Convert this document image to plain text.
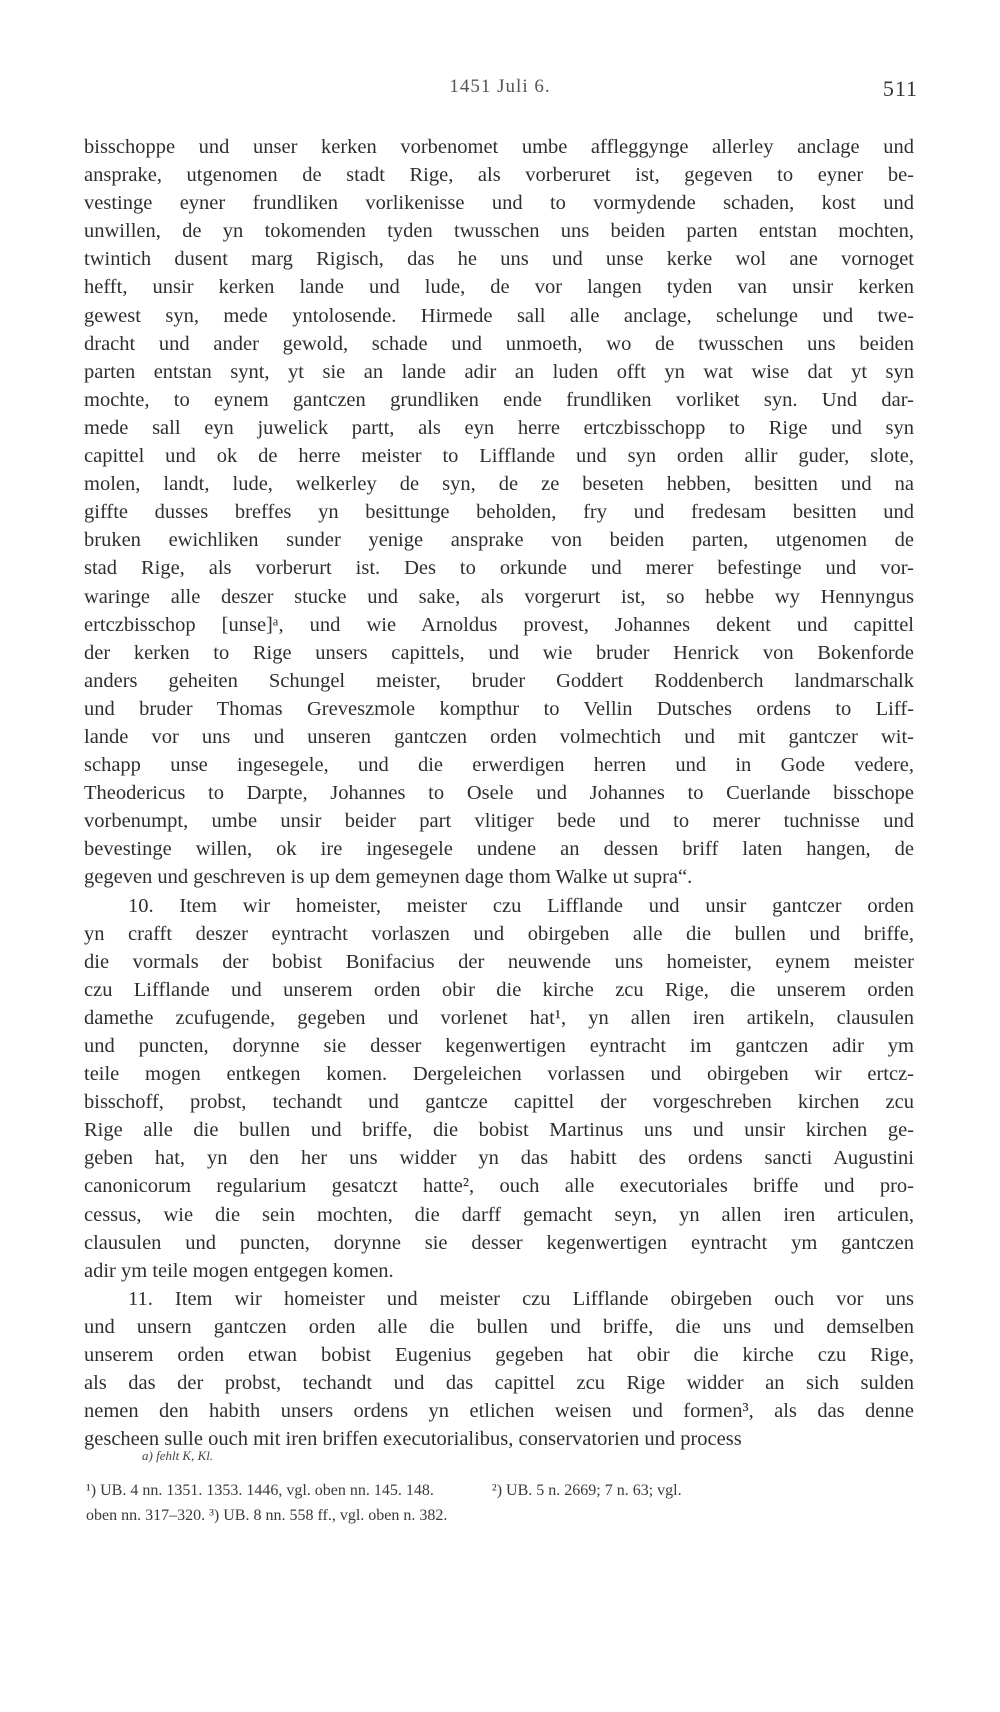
1451 Juli 6.	511
bisschoppe und unser kerken vorbenomet umbe affleggynge allerley anclage und
ansprake, utgenomen de stadt Rige, als vorberuret ist, gegeven to eyner be-
vestinge eyner frundliken vorlikenisse und to vormydende schaden, kost und
unwillen, de yn tokomenden tyden twusschen uns beiden parten entstan mochten,
twintich dusent marg Rigisch, das he uns und unse kerke wol ane vornoget
hefft, unsir kerken lande und lude, de vor langen tyden van unsir kerken
gewest syn, mede yntolosende. Hirmede sall alle anclage, schelunge und twe-
dracht und ander gewold, schade und unmoeth, wo de twusschen uns beiden
parten entstan synt, yt sie an lande adir an luden offt yn wat wise dat yt syn
mochte, to eynem gantczen grundliken ende frundliken vorliket syn. Und dar-
mede sall eyn juwelick partt, als eyn herre ertczbisschopp to Rige und syn
capittel und ok de herre meister to Lifflande und syn orden allir guder, slote,
molen, landt, lude, welkerley de syn, de ze beseten hebben, besitten und na
giffte dusses breffes yn besittunge beholden, fry und fredesam besitten und
bruken ewichliken sunder yenige ansprake von beiden parten, utgenomen de
stad Rige, als vorberurt ist. Des to orkunde und merer befestinge und vor-
waringe alle deszer stucke und sake, als vorgerurt ist, so hebbe wy Hennyngus
ertczbisschop [unse]ᵃ, und wie Arnoldus provest, Johannes dekent und capittel
der kerken to Rige unsers capittels, und wie bruder Henrick von Bokenforde
anders geheiten Schungel meister, bruder Goddert Roddenberch landmarschalk
und bruder Thomas Greveszmole kompthur to Vellin Dutsches ordens to Liff-
lande vor uns und unseren gantczen orden volmechtich und mit gantczer wit-
schapp unse ingesegele, und die erwerdigen herren und in Gode vedere,
Theodericus to Darpte, Johannes to Osele und Johannes to Cuerlande bisschope
vorbenumpt, umbe unsir beider part vlitiger bede und to merer tuchnisse und
bevestinge willen, ok ire ingesegele undene an dessen briff laten hangen, de
gegeven und geschreven is up dem gemeynen dage thom Walke ut supra“.
10. Item wir homeister, meister czu Lifflande und unsir gantczer orden
yn crafft deszer eyntracht vorlaszen und obirgeben alle die bullen und briffe,
die vormals der bobist Bonifacius der neuwende uns homeister, eynem meister
czu Lifflande und unserem orden obir die kirche zcu Rige, die unserem orden
damethe zcufugende, gegeben und vorlenet hat¹, yn allen iren artikeln, clausulen
und puncten, dorynne sie desser kegenwertigen eyntracht im gantczen adir ym
teile mogen entkegen komen. Dergeleichen vorlassen und obirgeben wir ertcz-
bisschoff, probst, techandt und gantcze capittel der vorgeschreben kirchen zcu
Rige alle die bullen und briffe, die bobist Martinus uns und unsir kirchen ge-
geben hat, yn den her uns widder yn das habitt des ordens sancti Augustini
canonicorum regularium gesatczt hatte², ouch alle executoriales briffe und pro-
cessus, wie die sein mochten, die darff gemacht seyn, yn allen iren articulen,
clausulen und puncten, dorynne sie desser kegenwertigen eyntracht ym gantczen
adir ym teile mogen entgegen komen.
11. Item wir homeister und meister czu Lifflande obirgeben ouch vor uns
und unsern gantczen orden alle die bullen und briffe, die uns und demselben
unserem orden etwan bobist Eugenius gegeben hat obir die kirche czu Rige,
als das der probst, techandt und das capittel zcu Rige widder an sich sulden
nemen den habith unsers ordens yn etlichen weisen und formen³, als das denne
gescheen sulle ouch mit iren briffen executorialibus, conservatorien und process
a) fehlt K, Kl.
¹) UB. 4 nn. 1351. 1353. 1446, vgl. oben nn. 145. 148.	²) UB. 5 n. 2669; 7 n. 63; vgl.
oben nn. 317–320. ³) UB. 8 nn. 558 ff., vgl. oben n. 382.
